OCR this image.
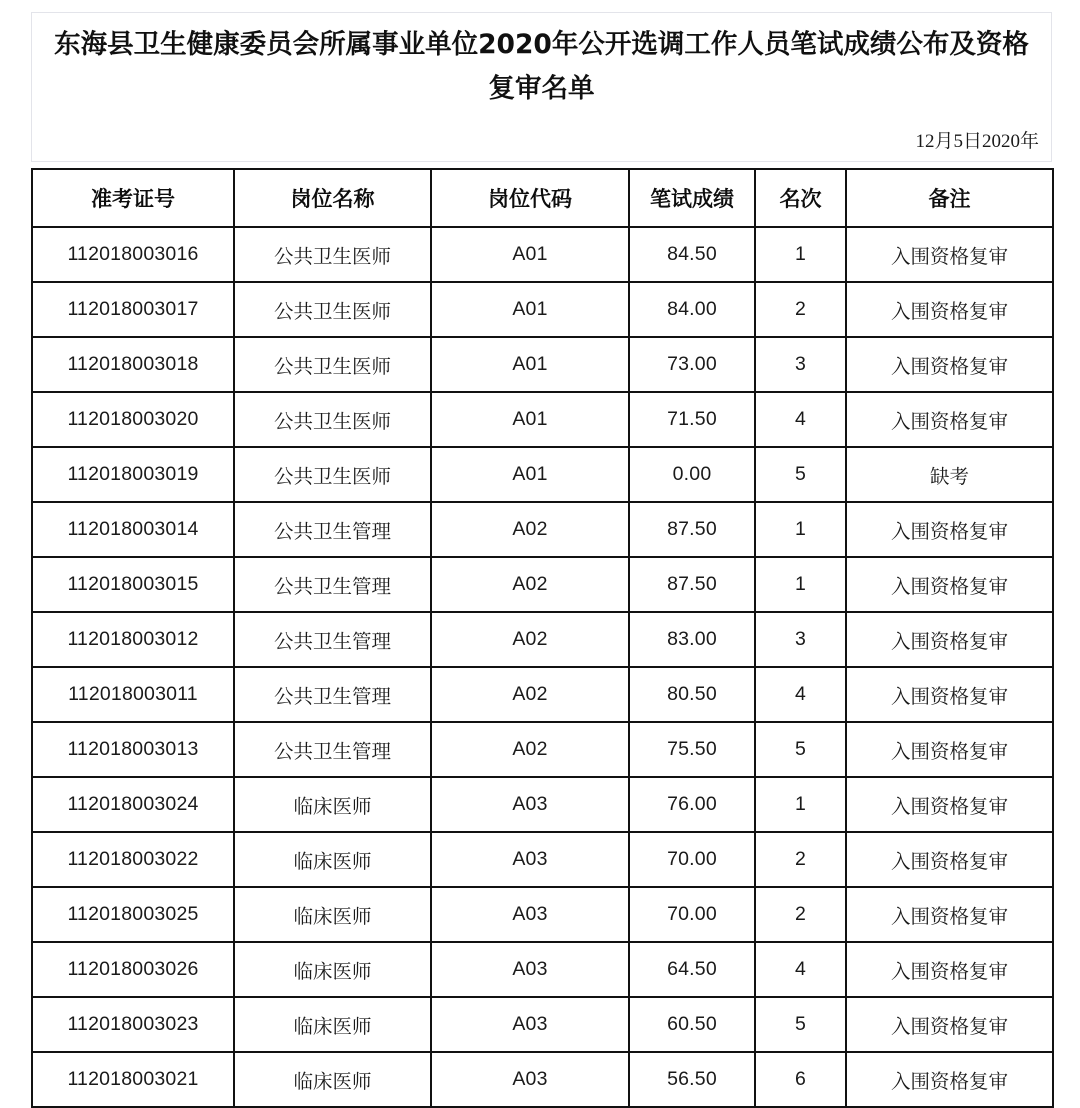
东海县卫生健康委员会所属事业单位2020年公开选调工作人员笔试成绩公布及资格复审名单
12月5日2020年
准考证号	岗位名称	岗位代码	笔试成绩	名次	备注
112018003016	公共卫生医师	A01	84.50	1	入围资格复审
112018003017	公共卫生医师	A01	84.00	2	入围资格复审
112018003018	公共卫生医师	A01	73.00	3	入围资格复审
112018003020	公共卫生医师	A01	71.50	4	入围资格复审
112018003019	公共卫生医师	A01	0.00	5	缺考
112018003014	公共卫生管理	A02	87.50	1	入围资格复审
112018003015	公共卫生管理	A02	87.50	1	入围资格复审
112018003012	公共卫生管理	A02	83.00	3	入围资格复审
112018003011	公共卫生管理	A02	80.50	4	入围资格复审
112018003013	公共卫生管理	A02	75.50	5	入围资格复审
112018003024	临床医师	A03	76.00	1	入围资格复审
112018003022	临床医师	A03	70.00	2	入围资格复审
112018003025	临床医师	A03	70.00	2	入围资格复审
112018003026	临床医师	A03	64.50	4	入围资格复审
112018003023	临床医师	A03	60.50	5	入围资格复审
112018003021	临床医师	A03	56.50	6	入围资格复审
